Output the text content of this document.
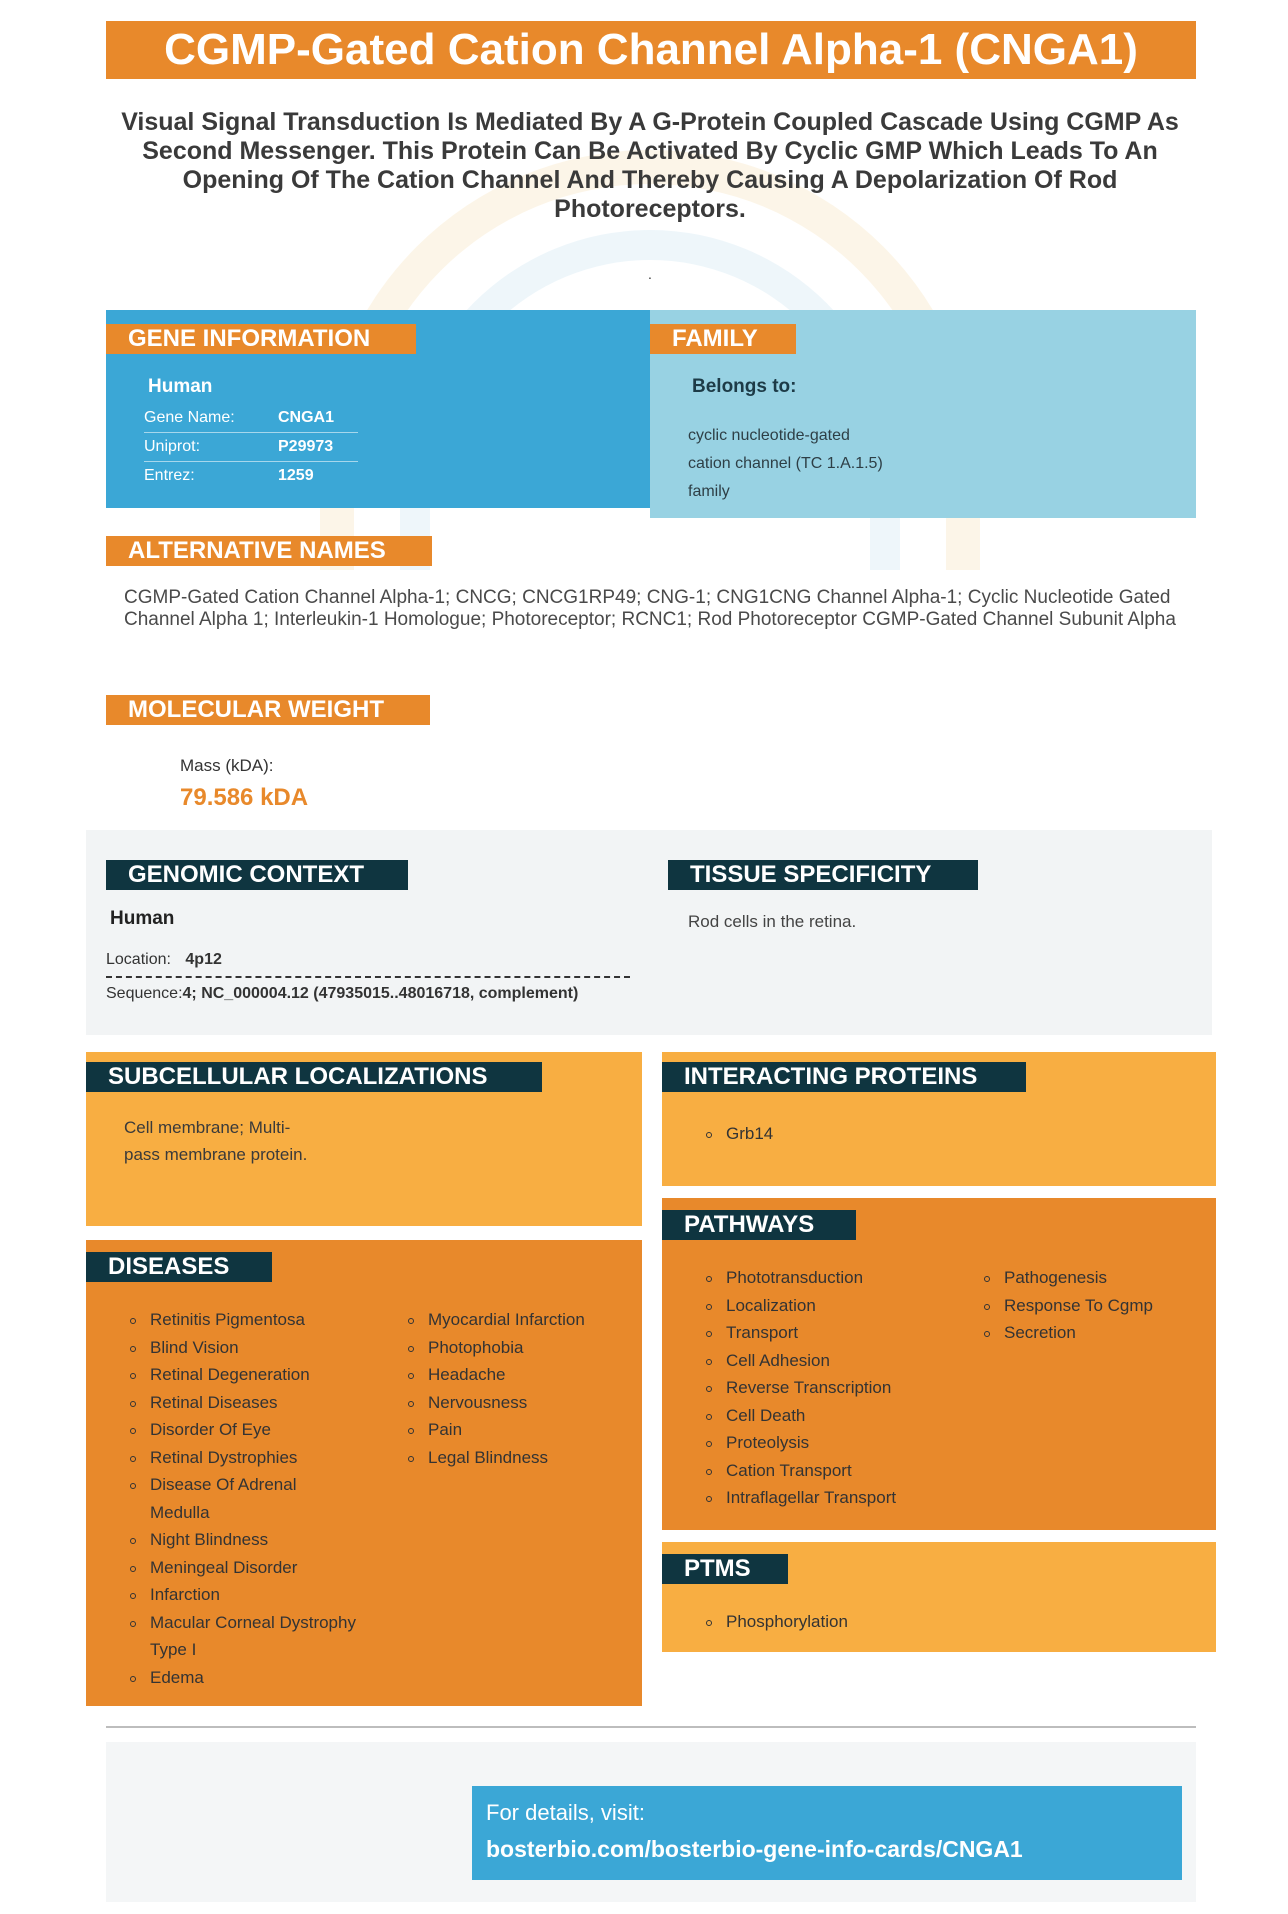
CGMP-Gated Cation Channel Alpha-1 (CNGA1)
Visual Signal Transduction Is Mediated By A G-Protein Coupled Cascade Using CGMP As Second Messenger. This Protein Can Be Activated By Cyclic GMP Which Leads To An Opening Of The Cation Channel And Thereby Causing A Depolarization Of Rod Photoreceptors.
.
GENE INFORMATION
Human
Gene Name:	CNGA1
Uniprot:	P29973
Entrez:	1259
FAMILY
Belongs to:
cyclic nucleotide-gated
cation channel (TC 1.A.1.5)
family
ALTERNATIVE NAMES
CGMP-Gated Cation Channel Alpha-1; CNCG; CNCG1RP49; CNG-1; CNG1CNG Channel Alpha-1; Cyclic Nucleotide Gated Channel Alpha 1; Interleukin-1 Homologue; Photoreceptor; RCNC1; Rod Photoreceptor CGMP-Gated Channel Subunit Alpha
MOLECULAR WEIGHT
Mass (kDA):
79.586 kDA
GENOMIC CONTEXT
Human
Location: 4p12
Sequence:4; NC_000004.12 (47935015..48016718, complement)
TISSUE SPECIFICITY
Rod cells in the retina.
SUBCELLULAR LOCALIZATIONS
Cell membrane; Multi-
pass membrane protein.
INTERACTING PROTEINS
Grb14
DISEASES
Retinitis Pigmentosa
Blind Vision
Retinal Degeneration
Retinal Diseases
Disorder Of Eye
Retinal Dystrophies
Disease Of Adrenal Medulla
Night Blindness
Meningeal Disorder
Infarction
Macular Corneal Dystrophy Type I
Edema
Myocardial Infarction
Photophobia
Headache
Nervousness
Pain
Legal Blindness
PATHWAYS
Phototransduction
Localization
Transport
Cell Adhesion
Reverse Transcription
Cell Death
Proteolysis
Cation Transport
Intraflagellar Transport
Pathogenesis
Response To Cgmp
Secretion
PTMS
Phosphorylation
For details, visit:
bosterbio.com/bosterbio-gene-info-cards/CNGA1
